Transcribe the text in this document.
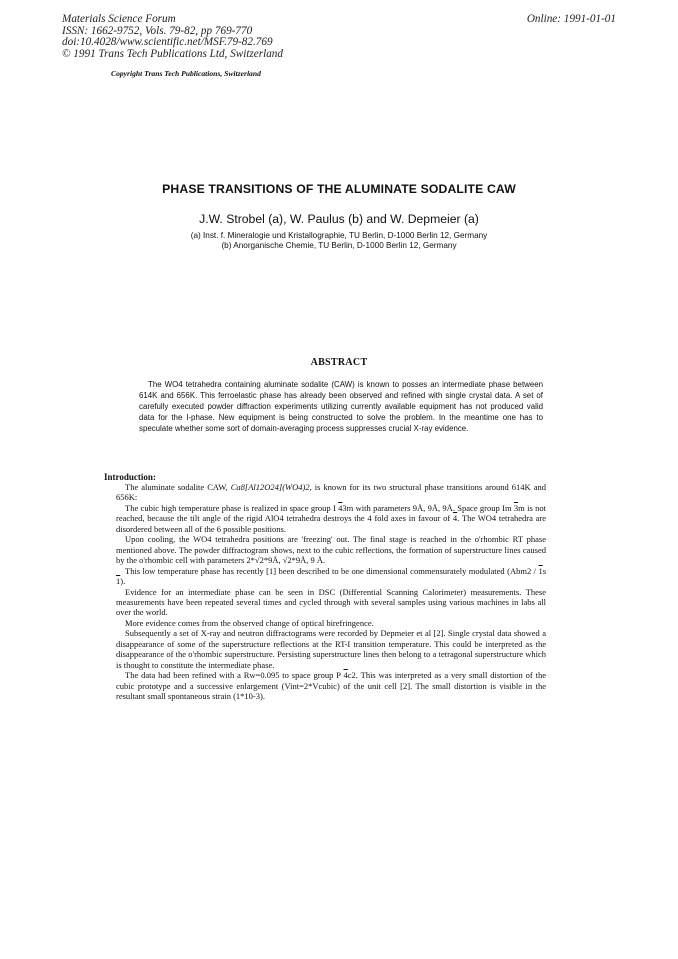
Materials Science Forum
ISSN: 1662-9752, Vols. 79-82, pp 769-770
doi:10.4028/www.scientific.net/MSF.79-82.769
© 1991 Trans Tech Publications Ltd, Switzerland
Online: 1991-01-01
Copyright Trans Tech Publications, Switzerland
PHASE TRANSITIONS OF THE ALUMINATE SODALITE CAW
J.W. Strobel (a), W. Paulus (b) and W. Depmeier (a)
(a) Inst. f. Mineralogie und Kristallographie, TU Berlin, D-1000 Berlin 12, Germany
(b) Anorganische Chemie, TU Berlin, D-1000 Berlin 12, Germany
ABSTRACT
The WO4 tetrahedra containing aluminate sodalite (CAW) is known to posses an intermediate phase between 614K and 656K. This ferroelastic phase has already been observed and refined with single crystal data. A set of carefully executed powder diffraction experiments utilizing currently available equipment has not produced valid data for the I-phase. New equipment is being constructed to solve the problem. In the meantime one has to speculate whether some sort of domain-averaging process suppresses crucial X-ray evidence.
Introduction:

The aluminate sodalite CAW, Ca8[Al12O24](WO4)2, is known for its two structural phase transitions around 614K and 656K:

The cubic high temperature phase is realized in space group I 43m with parameters 9Å, 9Å, 9Å. Space group Im 3m is not reached, because the tilt angle of the rigid AlO4 tetrahedra destroys the 4 fold axes in favour of 4. The WO4 tetrahedra are disordered between all of the 6 possible positions.

Upon cooling, the WO4 tetrahedra positions are 'freezing' out. The final stage is reached in the o'rhombic RT phase mentioned above. The powder diffractogram shows, next to the cubic reflections, the formation of superstructure lines caused by the o'rhombic cell with parameters 2*√2*9Å, √2*9Å, 9 Å.

This low temperature phase has recently [1] been described to be one dimensional commensurately modulated (Abm2 / 1s 1).

Evidence for an intermediate phase can be seen in DSC (Differential Scanning Calorimeter) measurements. These measurements have been repeated several times and cycled through with several samples using various machines in labs all over the world.

More evidence comes from the observed change of optical birefringence.

Subsequently a set of X-ray and neutron diffractograms were recorded by Depmeier et al [2]. Single crystal data showed a disappearance of some of the superstructure reflections at the RT-I transition temperature. This could be interpreted as the disappearance of the o'rhombic superstructure. Persisting superstructure lines then belong to a tetragonal superstructure which is thought to constitute the intermediate phase.

The data had been refined with a Rw=0.095 to space group P 4c2. This was interpreted as a very small distortion of the cubic prototype and a successive enlargement (Vint=2*Vcubic) of the unit cell [2]. The small distortion is visible in the resultant small spontaneous strain (1*10-3).
